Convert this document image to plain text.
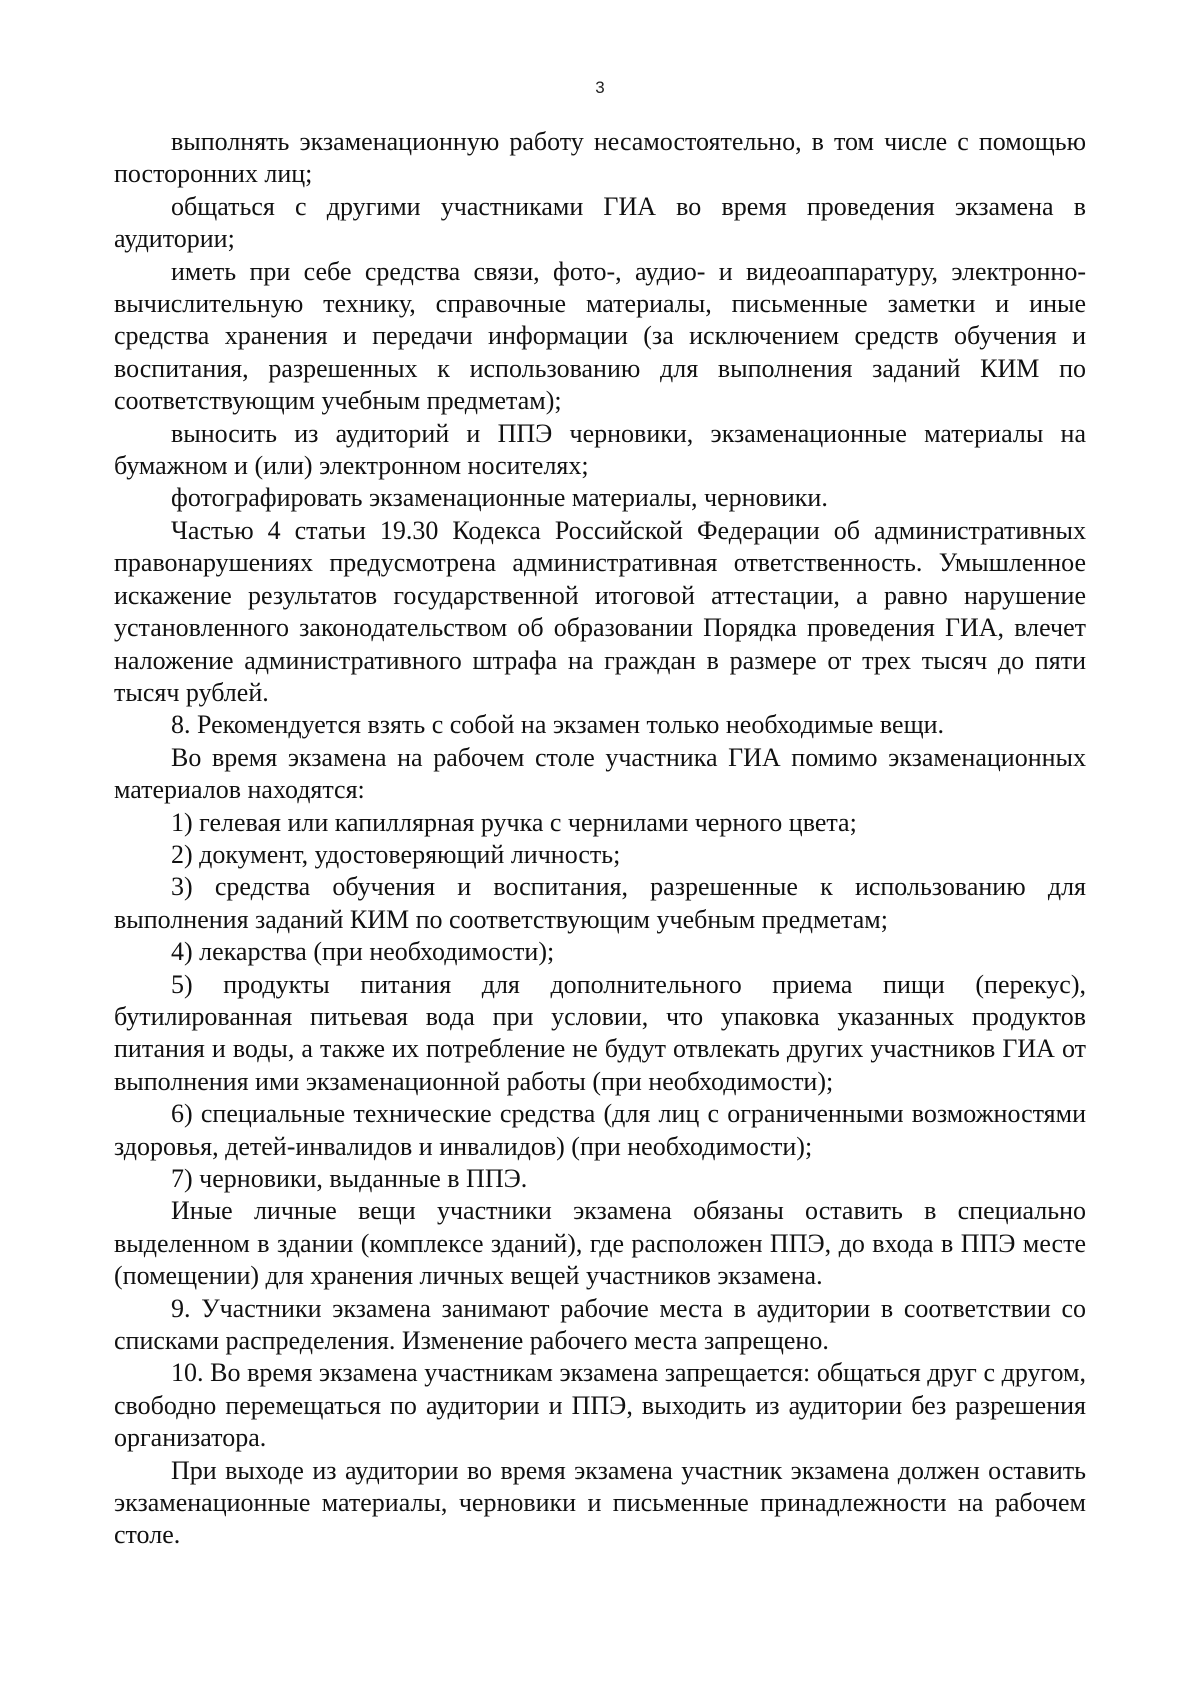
3

выполнять экзаменационную работу несамостоятельно, в том числе с помощью посторонних лиц;

общаться с другими участниками ГИА во время проведения экзамена в аудитории;

иметь при себе средства связи, фото-, аудио- и видеоаппаратуру, электронно-вычислительную технику, справочные материалы, письменные заметки и иные средства хранения и передачи информации (за исключением средств обучения и воспитания, разрешенных к использованию для выполнения заданий КИМ по соответствующим учебным предметам);

выносить из аудиторий и ППЭ черновики, экзаменационные материалы на бумажном и (или) электронном носителях;

фотографировать экзаменационные материалы, черновики.

Частью 4 статьи 19.30 Кодекса Российской Федерации об административных правонарушениях предусмотрена административная ответственность. Умышленное искажение результатов государственной итоговой аттестации, а равно нарушение установленного законодательством об образовании Порядка проведения ГИА, влечет наложение административного штрафа на граждан в размере от трех тысяч до пяти тысяч рублей.

8. Рекомендуется взять с собой на экзамен только необходимые вещи.

Во время экзамена на рабочем столе участника ГИА помимо экзаменационных материалов находятся:

1) гелевая или капиллярная ручка с чернилами черного цвета;

2) документ, удостоверяющий личность;

3) средства обучения и воспитания, разрешенные к использованию для выполнения заданий КИМ по соответствующим учебным предметам;

4) лекарства (при необходимости);

5) продукты питания для дополнительного приема пищи (перекус), бутилированная питьевая вода при условии, что упаковка указанных продуктов питания и воды, а также их потребление не будут отвлекать других участников ГИА от выполнения ими экзаменационной работы (при необходимости);

6) специальные технические средства (для лиц с ограниченными возможностями здоровья, детей-инвалидов и инвалидов) (при необходимости);

7) черновики, выданные в ППЭ.

Иные личные вещи участники экзамена обязаны оставить в специально выделенном в здании (комплексе зданий), где расположен ППЭ, до входа в ППЭ месте (помещении) для хранения личных вещей участников экзамена.

9. Участники экзамена занимают рабочие места в аудитории в соответствии со списками распределения. Изменение рабочего места запрещено.

10. Во время экзамена участникам экзамена запрещается: общаться друг с другом, свободно перемещаться по аудитории и ППЭ, выходить из аудитории без разрешения организатора.

При выходе из аудитории во время экзамена участник экзамена должен оставить экзаменационные материалы, черновики и письменные принадлежности на рабочем столе.
